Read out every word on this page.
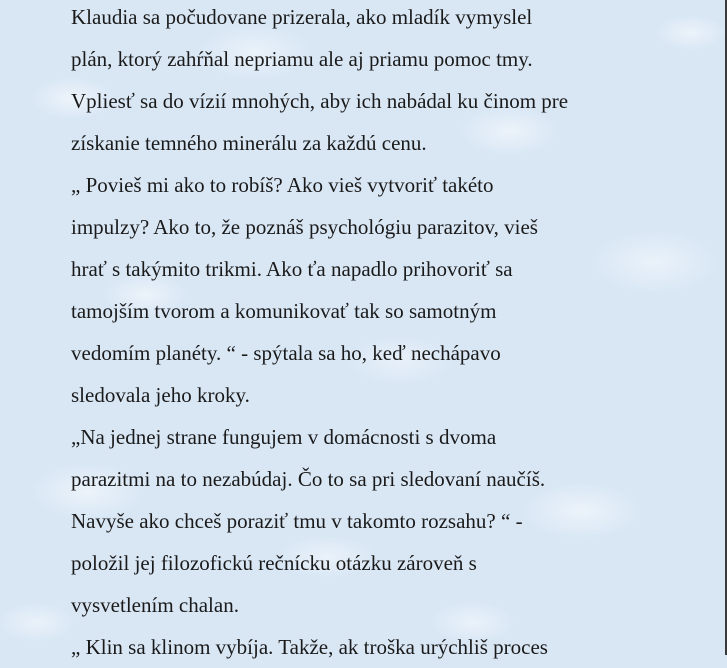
Klaudia sa počudovane prizerala, ako mladík vymyslel
plán, ktorý zahŕňal nepriamu ale aj priamu pomoc tmy.
Vpliesť sa do vízií mnohých, aby ich nabádal ku činom pre
získanie temného minerálu za každú cenu.
„ Povieš mi ako to robíš? Ako vieš vytvoriť takéto
impulzy? Ako to, že poznáš psychológiu parazitov, vieš
hrať s takýmito trikmi. Ako ťa napadlo prihovoriť sa
tamojším tvorom a komunikovať tak so samotným
vedomím planéty. “ - spýtala sa ho, keď nechápavo
sledovala jeho kroky.
„Na jednej strane fungujem v domácnosti s dvoma
parazitmi na to nezabúdaj. Čo to sa pri sledovaní naučíš.
Navyše ako chceš poraziť tmu v takomto rozsahu? “ -
položil jej filozofickú rečnícku otázku zároveň s
vysvetlením chalan.
„ Klin sa klinom vybíja. Takže, ak troška urýchliš proces
